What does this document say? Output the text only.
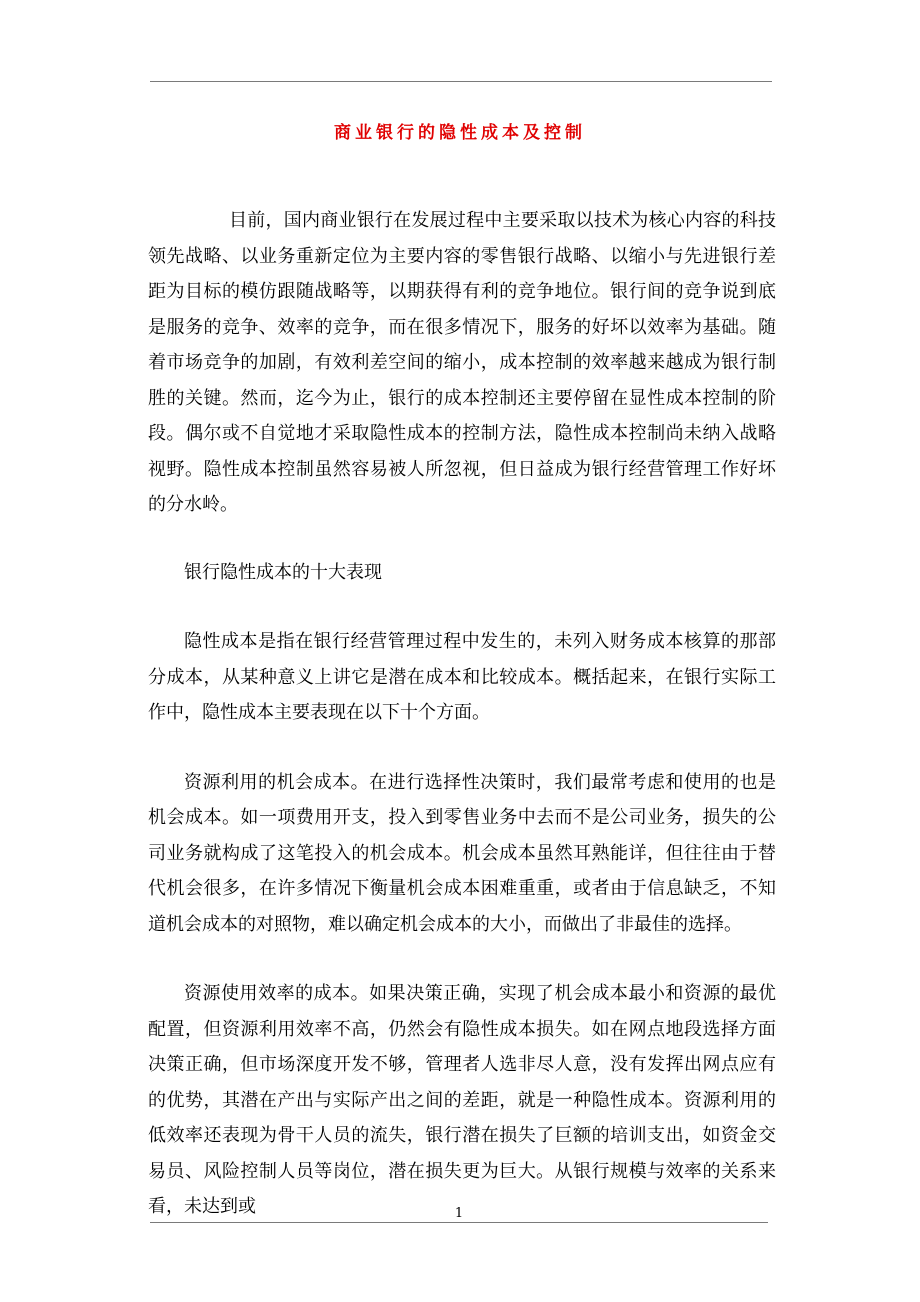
商业银行的隐性成本及控制

目前，国内商业银行在发展过程中主要采取以技术为核心内容的科技领先战略、以业务重新定位为主要内容的零售银行战略、以缩小与先进银行差距为目标的模仿跟随战略等，以期获得有利的竞争地位。银行间的竞争说到底是服务的竞争、效率的竞争，而在很多情况下，服务的好坏以效率为基础。随着市场竞争的加剧，有效利差空间的缩小，成本控制的效率越来越成为银行制胜的关键。然而，迄今为止，银行的成本控制还主要停留在显性成本控制的阶段。偶尔或不自觉地才采取隐性成本的控制方法，隐性成本控制尚未纳入战略视野。隐性成本控制虽然容易被人所忽视，但日益成为银行经营管理工作好坏的分水岭。

银行隐性成本的十大表现

隐性成本是指在银行经营管理过程中发生的，未列入财务成本核算的那部分成本，从某种意义上讲它是潜在成本和比较成本。概括起来，在银行实际工作中，隐性成本主要表现在以下十个方面。

资源利用的机会成本。在进行选择性决策时，我们最常考虑和使用的也是机会成本。如一项费用开支，投入到零售业务中去而不是公司业务，损失的公司业务就构成了这笔投入的机会成本。机会成本虽然耳熟能详，但往往由于替代机会很多，在许多情况下衡量机会成本困难重重，或者由于信息缺乏，不知道机会成本的对照物，难以确定机会成本的大小，而做出了非最佳的选择。

资源使用效率的成本。如果决策正确，实现了机会成本最小和资源的最优配置，但资源利用效率不高，仍然会有隐性成本损失。如在网点地段选择方面决策正确，但市场深度开发不够，管理者人选非尽人意，没有发挥出网点应有的优势，其潜在产出与实际产出之间的差距，就是一种隐性成本。资源利用的低效率还表现为骨干人员的流失，银行潜在损失了巨额的培训支出，如资金交易员、风险控制人员等岗位，潜在损失更为巨大。从银行规模与效率的关系来看，未达到或	1
